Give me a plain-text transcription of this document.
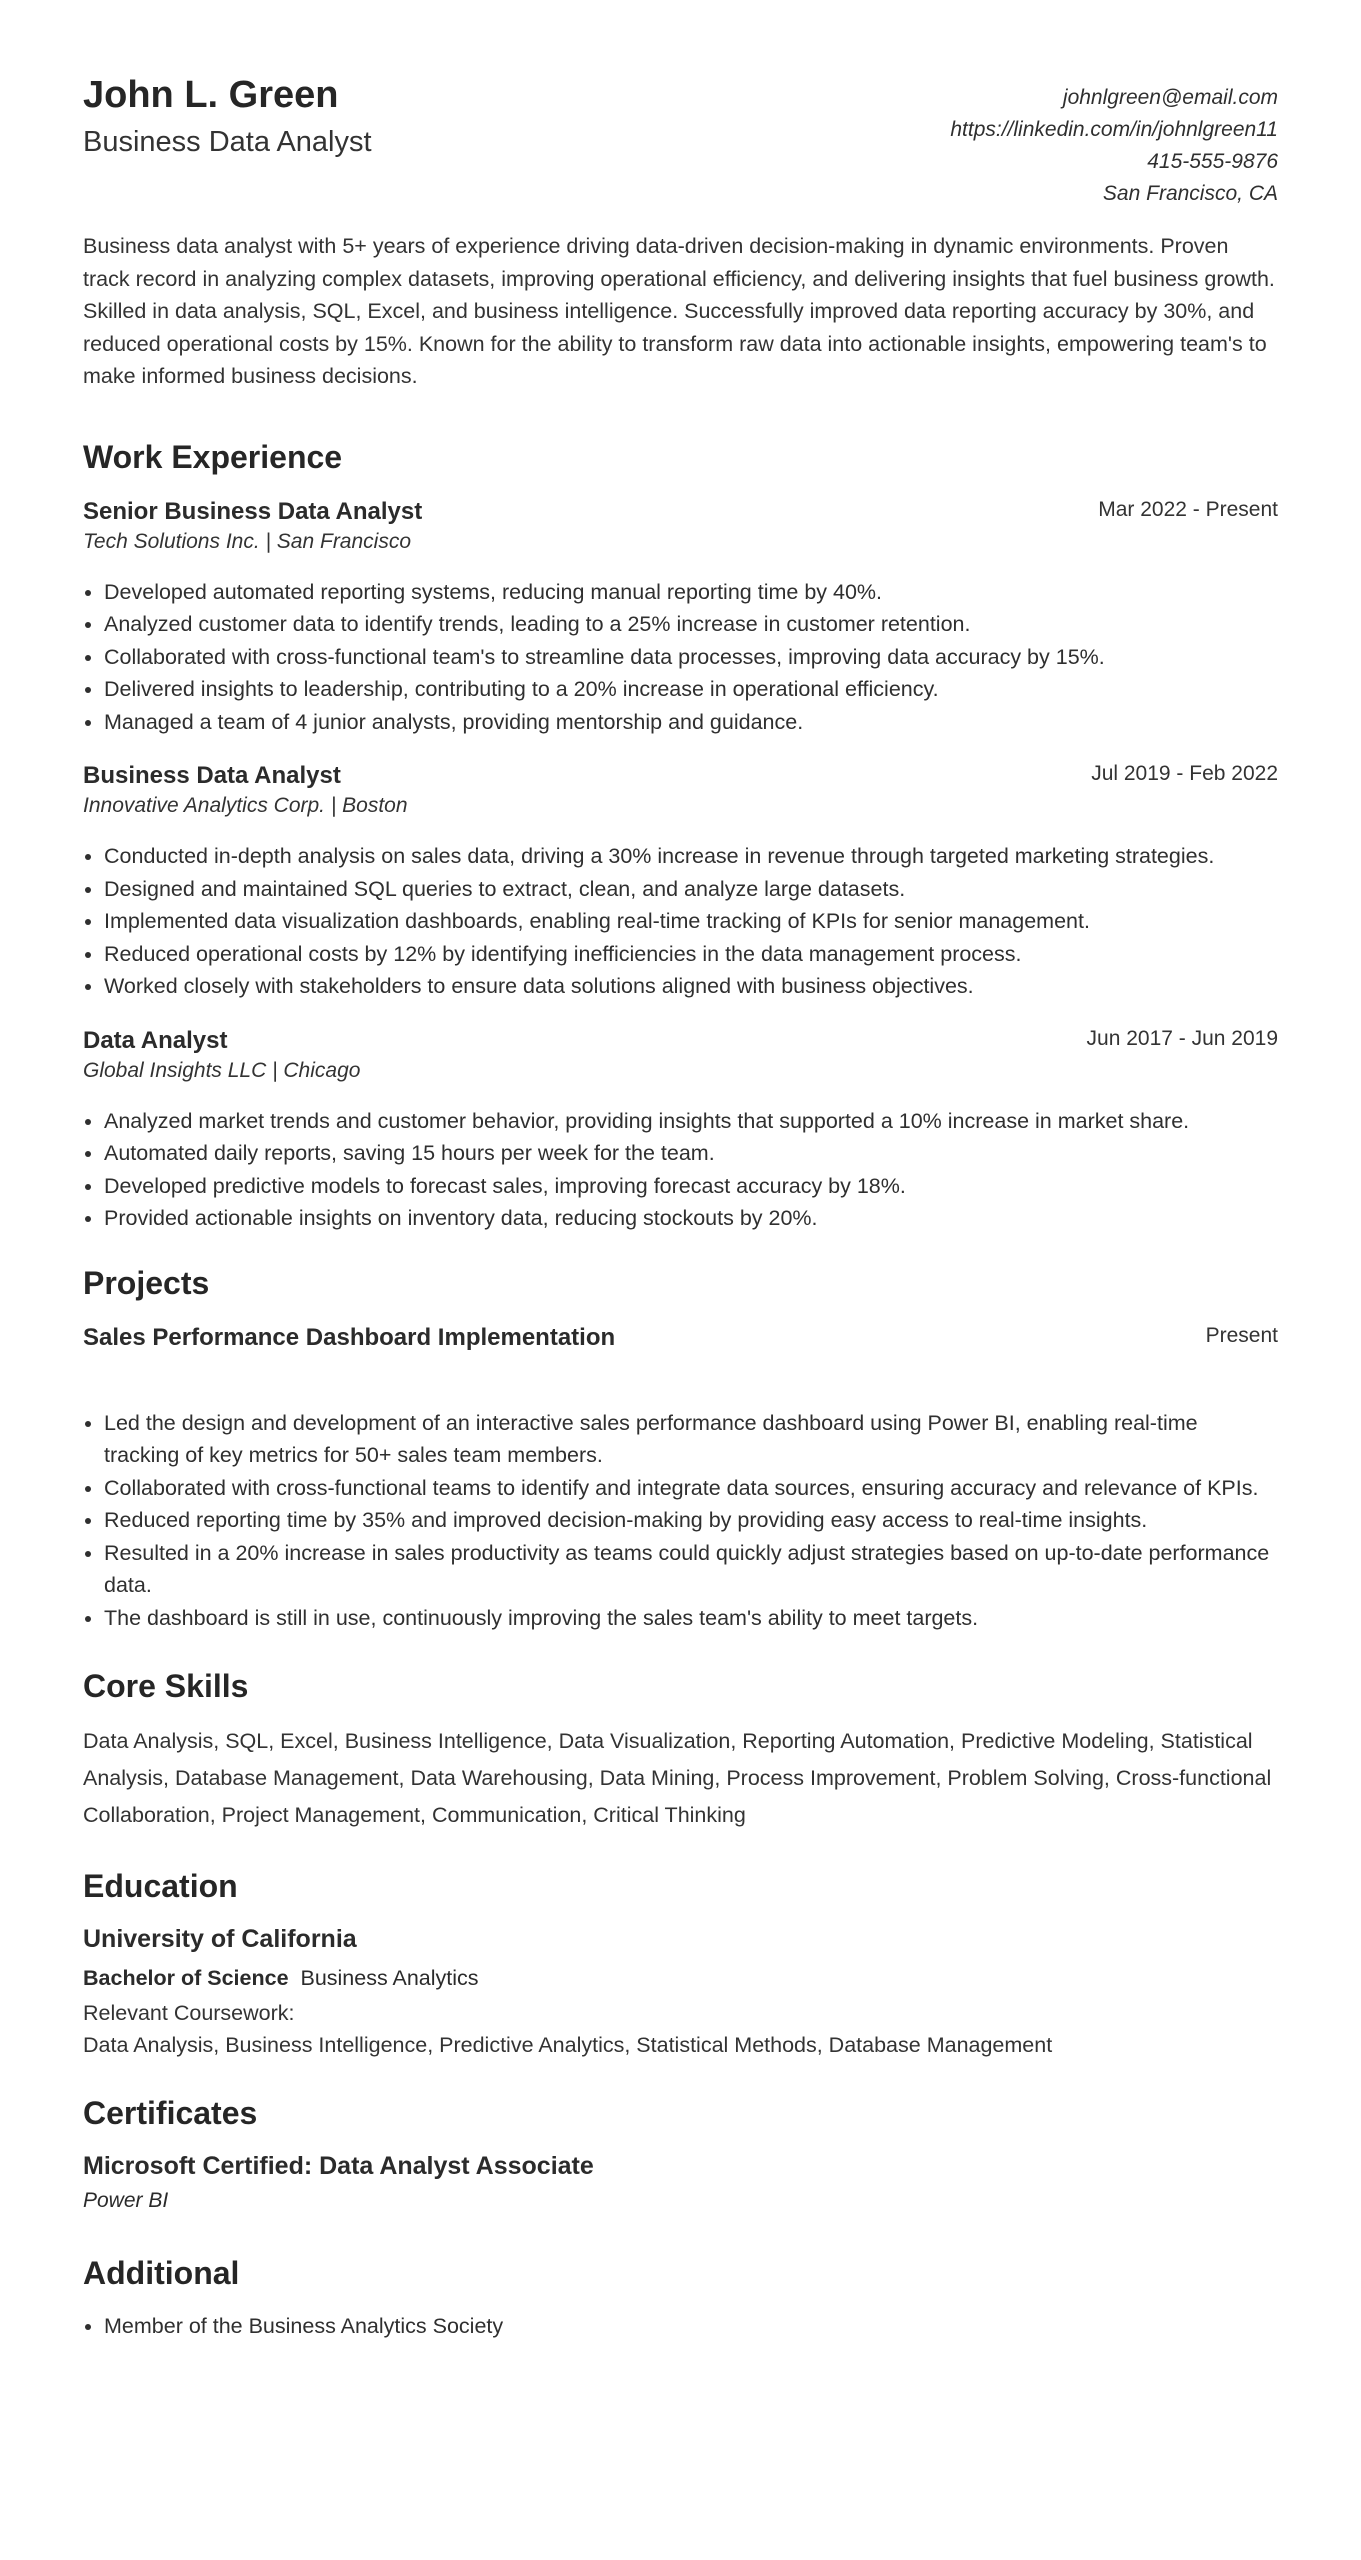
John L. Green
Business Data Analyst
johnlgreen@email.com
https://linkedin.com/in/johnlgreen11
415-555-9876
San Francisco, CA

Business data analyst with 5+ years of experience driving data-driven decision-making in dynamic environments. Proven track record in analyzing complex datasets, improving operational efficiency, and delivering insights that fuel business growth. Skilled in data analysis, SQL, Excel, and business intelligence. Successfully improved data reporting accuracy by 30%, and reduced operational costs by 15%. Known for the ability to transform raw data into actionable insights, empowering team's to make informed business decisions.

Work Experience
Senior Business Data Analyst	Mar 2022 - Present
Tech Solutions Inc. | San Francisco
• Developed automated reporting systems, reducing manual reporting time by 40%.
• Analyzed customer data to identify trends, leading to a 25% increase in customer retention.
• Collaborated with cross-functional team's to streamline data processes, improving data accuracy by 15%.
• Delivered insights to leadership, contributing to a 20% increase in operational efficiency.
• Managed a team of 4 junior analysts, providing mentorship and guidance.
Business Data Analyst	Jul 2019 - Feb 2022
Innovative Analytics Corp. | Boston
• Conducted in-depth analysis on sales data, driving a 30% increase in revenue through targeted marketing strategies.
• Designed and maintained SQL queries to extract, clean, and analyze large datasets.
• Implemented data visualization dashboards, enabling real-time tracking of KPIs for senior management.
• Reduced operational costs by 12% by identifying inefficiencies in the data management process.
• Worked closely with stakeholders to ensure data solutions aligned with business objectives.
Data Analyst	Jun 2017 - Jun 2019
Global Insights LLC | Chicago
• Analyzed market trends and customer behavior, providing insights that supported a 10% increase in market share.
• Automated daily reports, saving 15 hours per week for the team.
• Developed predictive models to forecast sales, improving forecast accuracy by 18%.
• Provided actionable insights on inventory data, reducing stockouts by 20%.
Projects
Sales Performance Dashboard Implementation	Present
• Led the design and development of an interactive sales performance dashboard using Power BI, enabling real-time tracking of key metrics for 50+ sales team members.
• Collaborated with cross-functional teams to identify and integrate data sources, ensuring accuracy and relevance of KPIs.
• Reduced reporting time by 35% and improved decision-making by providing easy access to real-time insights.
• Resulted in a 20% increase in sales productivity as teams could quickly adjust strategies based on up-to-date performance data.
• The dashboard is still in use, continuously improving the sales team's ability to meet targets.
Core Skills
Data Analysis, SQL, Excel, Business Intelligence, Data Visualization, Reporting Automation, Predictive Modeling, Statistical Analysis, Database Management, Data Warehousing, Data Mining, Process Improvement, Problem Solving, Cross-functional Collaboration, Project Management, Communication, Critical Thinking
Education
University of California
Bachelor of Science Business Analytics
Relevant Coursework:
Data Analysis, Business Intelligence, Predictive Analytics, Statistical Methods, Database Management
Certificates
Microsoft Certified: Data Analyst Associate
Power BI
Additional
• Member of the Business Analytics Society
